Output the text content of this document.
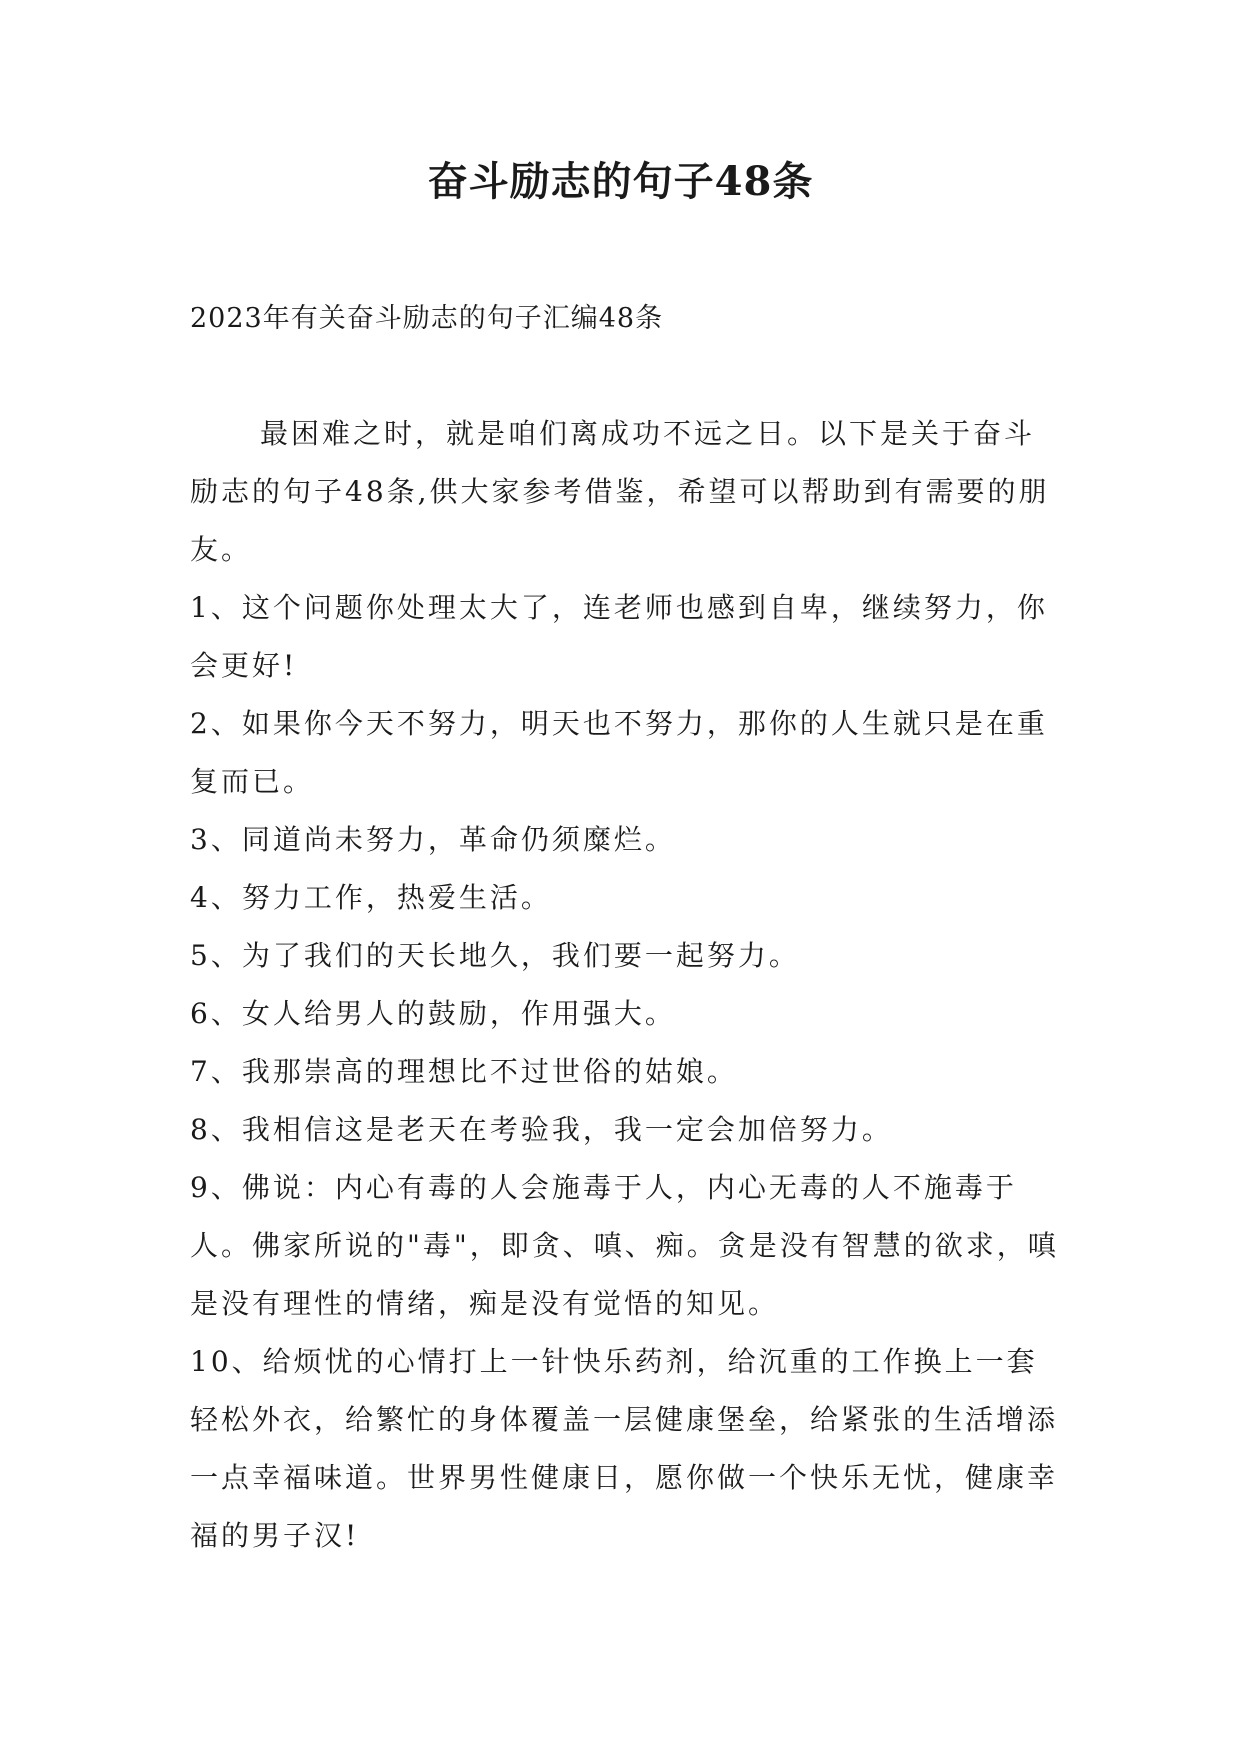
奋斗励志的句子48条

2023年有关奋斗励志的句子汇编48条

最困难之时，就是咱们离成功不远之日。以下是关于奋斗励志的句子48条,供大家参考借鉴，希望可以帮助到有需要的朋友。

1、这个问题你处理太大了，连老师也感到自卑，继续努力，你会更好!

2、如果你今天不努力，明天也不努力，那你的人生就只是在重复而已。

3、同道尚未努力，革命仍须糜烂。

4、努力工作，热爱生活。

5、为了我们的天长地久，我们要一起努力。

6、女人给男人的鼓励，作用强大。

7、我那崇高的理想比不过世俗的姑娘。

8、我相信这是老天在考验我，我一定会加倍努力。

9、佛说：内心有毒的人会施毒于人，内心无毒的人不施毒于人。佛家所说的"毒"，即贪、嗔、痴。贪是没有智慧的欲求，嗔是没有理性的情绪，痴是没有觉悟的知见。

10、给烦忧的心情打上一针快乐药剂，给沉重的工作换上一套轻松外衣，给繁忙的身体覆盖一层健康堡垒，给紧张的生活增添一点幸福味道。世界男性健康日，愿你做一个快乐无忧，健康幸福的男子汉!
